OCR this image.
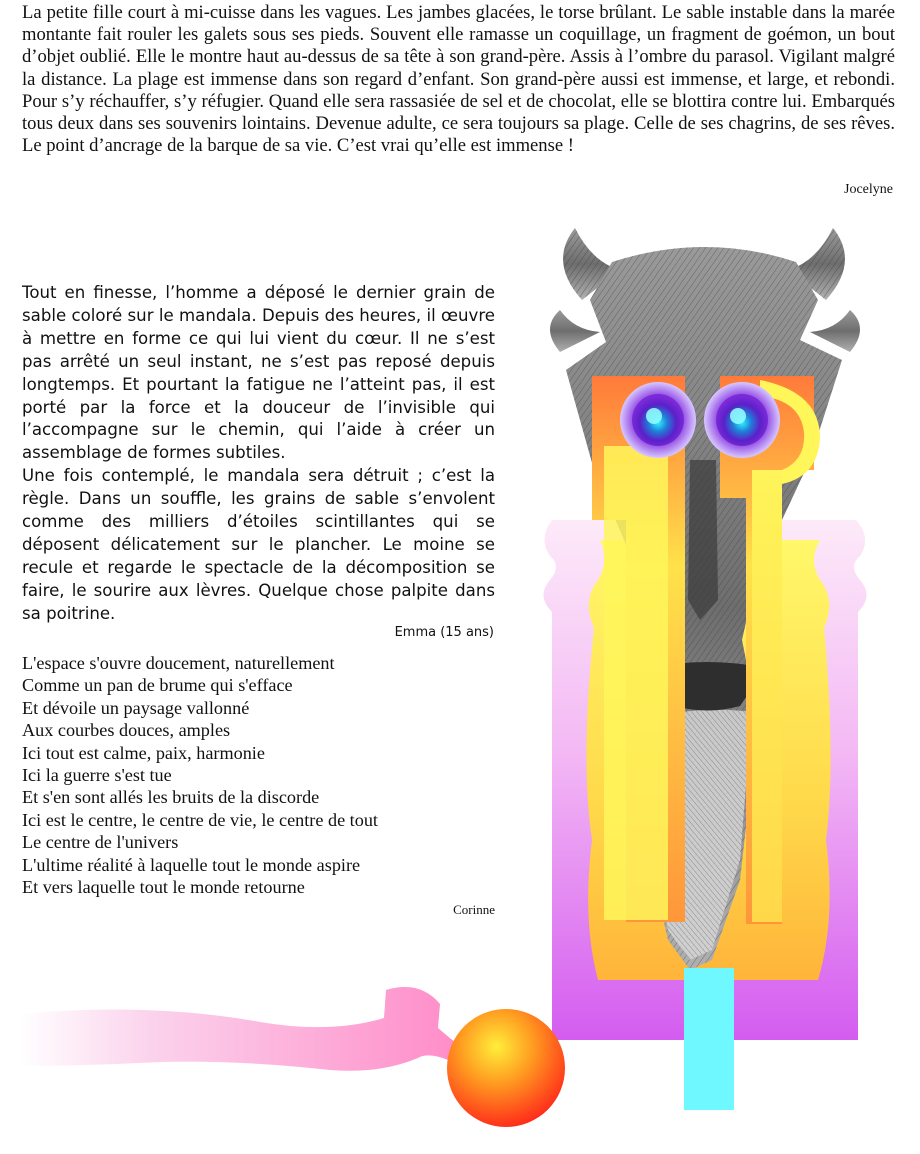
La petite fille court à mi-cuisse dans les vagues. Les jambes glacées, le torse brûlant. Le sable instable dans la marée montante fait rouler les galets sous ses pieds. Souvent elle ramasse un coquillage, un fragment de goémon, un bout d’objet oublié. Elle le montre haut au-dessus de sa tête à son grand-père. Assis à l’ombre du parasol. Vigilant malgré la distance. La plage est immense dans son regard d’enfant. Son grand-père aussi est immense, et large, et rebondi. Pour s’y réchauffer, s’y réfugier. Quand elle sera rassasiée de sel et de chocolat, elle se blottira contre lui. Embarqués tous deux dans ses souvenirs lointains. Devenue adulte, ce sera toujours sa plage. Celle de ses chagrins, de ses rêves. Le point d’ancrage de la barque de sa vie. C’est vrai qu’elle est immense !

Jocelyne

Tout en finesse, l’homme a déposé le dernier grain de sable coloré sur le mandala. Depuis des heures, il œuvre à mettre en forme ce qui lui vient du cœur. Il ne s’est pas arrêté un seul instant, ne s’est pas reposé depuis longtemps. Et pourtant la fatigue ne l’atteint pas, il est porté par la force et la douceur de l’invisible qui l’accompagne sur le chemin, qui l’aide à créer un assemblage de formes subtiles.

Une fois contemplé, le mandala sera détruit ; c’est la règle. Dans un souffle, les grains de sable s’envolent comme des milliers d’étoiles scintillantes qui se déposent délicatement sur le plancher. Le moine se recule et regarde le spectacle de la décomposition se faire, le sourire aux lèvres. Quelque chose palpite dans sa poitrine.

Emma (15 ans)

L'espace s'ouvre doucement, naturellement
Comme un pan de brume qui s'efface
Et dévoile un paysage vallonné
Aux courbes douces, amples
Ici tout est calme, paix, harmonie
Ici la guerre s'est tue
Et s'en sont allés les bruits de la discorde
Ici est le centre, le centre de vie, le centre de tout
Le centre de l'univers
L'ultime réalité à laquelle tout le monde aspire
Et vers laquelle tout le monde retourne

Corinne
